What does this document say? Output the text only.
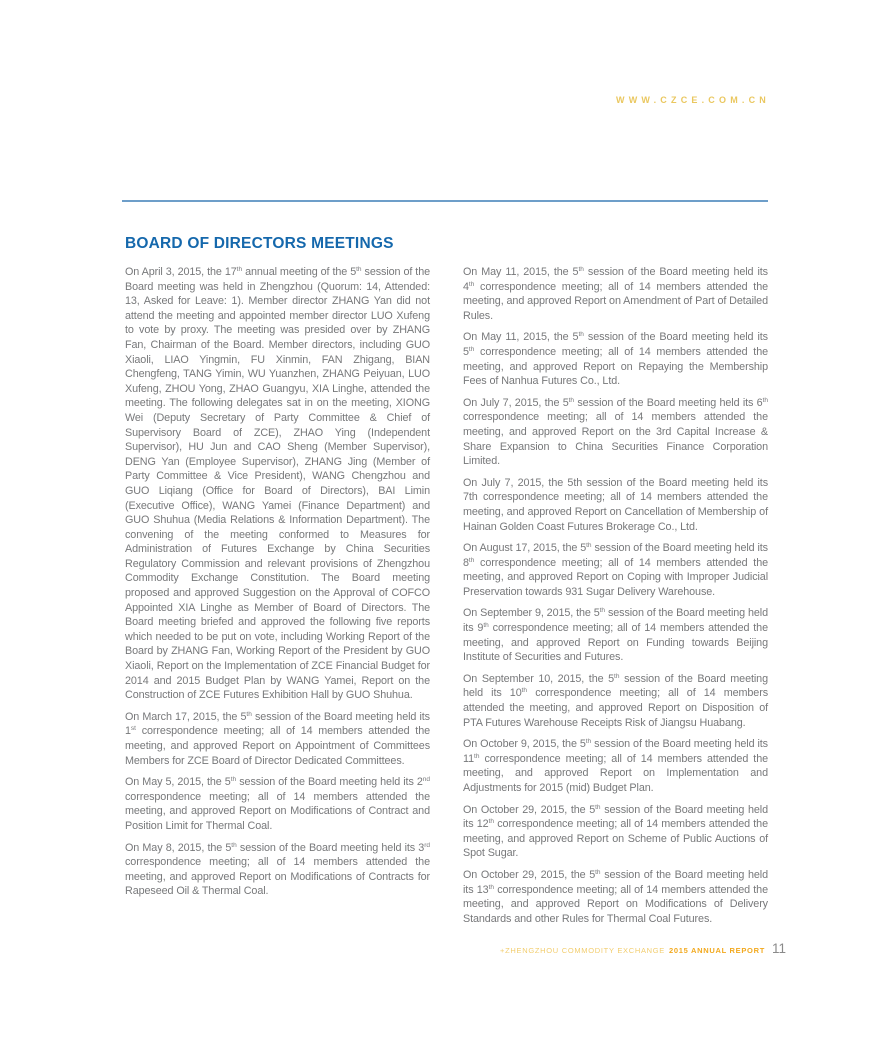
WWW.CZCE.COM.CN
BOARD OF DIRECTORS MEETINGS

On April 3, 2015, the 17th annual meeting of the 5th session of the Board meeting was held in Zhengzhou (Quorum: 14, Attended: 13, Asked for Leave: 1). Member director ZHANG Yan did not attend the meeting and appointed member director LUO Xufeng to vote by proxy. The meeting was presided over by ZHANG Fan, Chairman of the Board. Member directors, including GUO Xiaoli, LIAO Yingmin, FU Xinmin, FAN Zhigang, BIAN Chengfeng, TANG Yimin, WU Yuanzhen, ZHANG Peiyuan, LUO Xufeng, ZHOU Yong, ZHAO Guangyu, XIA Linghe, attended the meeting. The following delegates sat in on the meeting, XIONG Wei (Deputy Secretary of Party Committee & Chief of Supervisory Board of ZCE), ZHAO Ying (Independent Supervisor), HU Jun and CAO Sheng (Member Supervisor), DENG Yan (Employee Supervisor), ZHANG Jing (Member of Party Committee & Vice President), WANG Chengzhou and GUO Liqiang (Office for Board of Directors), BAI Limin (Executive Office), WANG Yamei (Finance Department) and GUO Shuhua (Media Relations & Information Department). The convening of the meeting conformed to Measures for Administration of Futures Exchange by China Securities Regulatory Commission and relevant provisions of Zhengzhou Commodity Exchange Constitution. The Board meeting proposed and approved Suggestion on the Approval of COFCO Appointed XIA Linghe as Member of Board of Directors. The Board meeting briefed and approved the following five reports which needed to be put on vote, including Working Report of the Board by ZHANG Fan, Working Report of the President by GUO Xiaoli, Report on the Implementation of ZCE Financial Budget for 2014 and 2015 Budget Plan by WANG Yamei, Report on the Construction of ZCE Futures Exhibition Hall by GUO Shuhua.

On March 17, 2015, the 5th session of the Board meeting held its 1st correspondence meeting; all of 14 members attended the meeting, and approved Report on Appointment of Committees Members for ZCE Board of Director Dedicated Committees.

On May 5, 2015, the 5th session of the Board meeting held its 2nd correspondence meeting; all of 14 members attended the meeting, and approved Report on Modifications of Contract and Position Limit for Thermal Coal.

On May 8, 2015, the 5th session of the Board meeting held its 3rd correspondence meeting; all of 14 members attended the meeting, and approved Report on Modifications of Contracts for Rapeseed Oil & Thermal Coal.

On May 11, 2015, the 5th session of the Board meeting held its 4th correspondence meeting; all of 14 members attended the meeting, and approved Report on Amendment of Part of Detailed Rules.

On May 11, 2015, the 5th session of the Board meeting held its 5th correspondence meeting; all of 14 members attended the meeting, and approved Report on Repaying the Membership Fees of Nanhua Futures Co., Ltd.

On July 7, 2015, the 5th session of the Board meeting held its 6th correspondence meeting; all of 14 members attended the meeting, and approved Report on the 3rd Capital Increase & Share Expansion to China Securities Finance Corporation Limited.

On July 7, 2015, the 5th session of the Board meeting held its 7th correspondence meeting; all of 14 members attended the meeting, and approved Report on Cancellation of Membership of Hainan Golden Coast Futures Brokerage Co., Ltd.

On August 17, 2015, the 5th session of the Board meeting held its 8th correspondence meeting; all of 14 members attended the meeting, and approved Report on Coping with Improper Judicial Preservation towards 931 Sugar Delivery Warehouse.

On September 9, 2015, the 5th session of the Board meeting held its 9th correspondence meeting; all of 14 members attended the meeting, and approved Report on Funding towards Beijing Institute of Securities and Futures.

On September 10, 2015, the 5th session of the Board meeting held its 10th correspondence meeting; all of 14 members attended the meeting, and approved Report on Disposition of PTA Futures Warehouse Receipts Risk of Jiangsu Huabang.

On October 9, 2015, the 5th session of the Board meeting held its 11th correspondence meeting; all of 14 members attended the meeting, and approved Report on Implementation and Adjustments for 2015 (mid) Budget Plan.

On October 29, 2015, the 5th session of the Board meeting held its 12th correspondence meeting; all of 14 members attended the meeting, and approved Report on Scheme of Public Auctions of Spot Sugar.

On October 29, 2015, the 5th session of the Board meeting held its 13th correspondence meeting; all of 14 members attended the meeting, and approved Report on Modifications of Delivery Standards and other Rules for Thermal Coal Futures.

+ZHENGZHOU COMMODITY EXCHANGE 2015 ANNUAL REPORT 11
